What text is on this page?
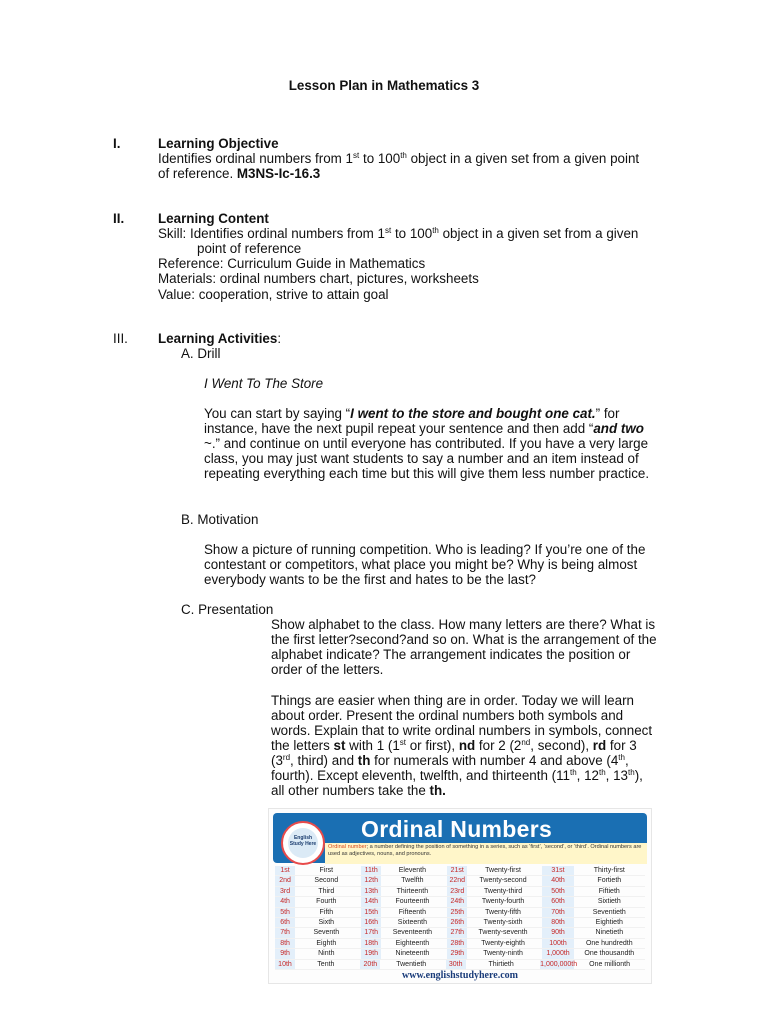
Lesson Plan in Mathematics 3
I.	Learning Objective
Identifies ordinal numbers from 1st to 100th object in a given set from a given point
of reference. M3NS-Ic-16.3
II.	Learning Content
Skill: Identifies ordinal numbers from 1st to 100th object in a given set from a given
point of reference
Reference: Curriculum Guide in Mathematics
Materials: ordinal numbers chart, pictures, worksheets
Value: cooperation, strive to attain goal
III. Learning Activities:
A. Drill
I Went To The Store
You can start by saying “I went to the store and bought one cat.” for
instance, have the next pupil repeat your sentence and then add “and two
~.” and continue on until everyone has contributed. If you have a very large
class, you may just want students to say a number and an item instead of
repeating everything each time but this will give them less number practice.
B. Motivation
Show a picture of running competition. Who is leading? If you’re one of the
contestant or competitors, what place you might be? Why is being almost
everybody wants to be the first and hates to be the last?
C. Presentation
Show alphabet to the class. How many letters are there? What is
the first letter?second?and so on. What is the arrangement of the
alphabet indicate? The arrangement indicates the position or
order of the letters.
Things are easier when thing are in order. Today we will learn
about order. Present the ordinal numbers both symbols and
words. Explain that to write ordinal numbers in symbols, connect
the letters st with 1 (1st or first), nd for 2 (2nd, second), rd for 3
(3rd, third) and th for numerals with number 4 and above (4th,
fourth). Except eleventh, twelfth, and thirteenth (11th, 12th, 13th),
all other numbers take the th.
English Study Here
Ordinal Numbers
Ordinal number; a number defining the position of something in a series, such as ‘first’, ‘second’, or ‘third’. Ordinal numbers are used as adjectives, nouns, and pronouns.
1st	First	11th	Eleventh	21st	Twenty-first	31st	Thirty-first
2nd	Second	12th	Twelfth	22nd	Twenty-second	40th	Fortieth
3rd	Third	13th	Thirteenth	23rd	Twenty-third	50th	Fiftieth
4th	Fourth	14th	Fourteenth	24th	Twenty-fourth	60th	Sixtieth
5th	Fifth	15th	Fifteenth	25th	Twenty-fifth	70th	Seventieth
6th	Sixth	16th	Sixteenth	26th	Twenty-sixth	80th	Eightieth
7th	Seventh	17th	Seventeenth	27th	Twenty-seventh	90th	Ninetieth
8th	Eighth	18th	Eighteenth	28th	Twenty-eighth	100th	One hundredth
9th	Ninth	19th	Nineteenth	29th	Twenty-ninth	1,000th	One thousandth
10th	Tenth	20th	Twentieth	30th	Thirtieth	1,000,000th	One millionth
www.englishstudyhere.com
